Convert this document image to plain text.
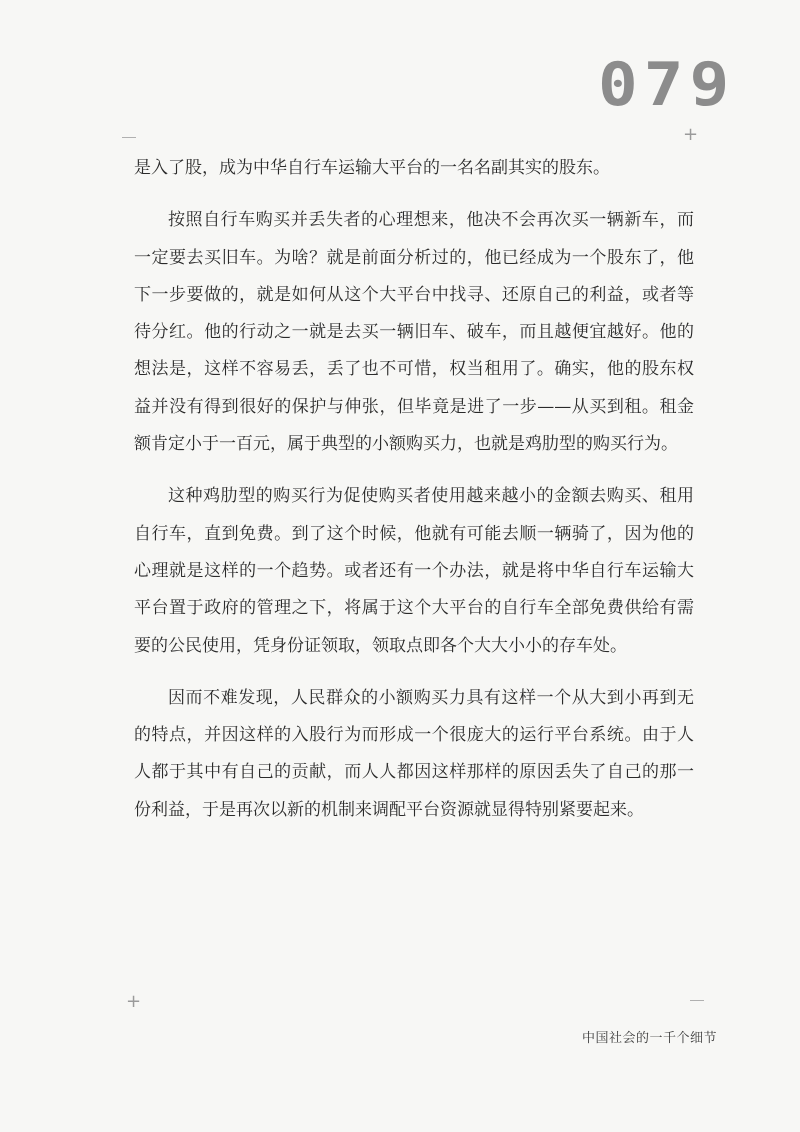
079
+
+

是入了股，成为中华自行车运输大平台的一名名副其实的股东。

按照自行车购买并丢失者的心理想来，他决不会再次买一辆新车，而一定要去买旧车。为啥？就是前面分析过的，他已经成为一个股东了，他下一步要做的，就是如何从这个大平台中找寻、还原自己的利益，或者等待分红。他的行动之一就是去买一辆旧车、破车，而且越便宜越好。他的想法是，这样不容易丢，丢了也不可惜，权当租用了。确实，他的股东权益并没有得到很好的保护与伸张，但毕竟是进了一步——从买到租。租金额肯定小于一百元，属于典型的小额购买力，也就是鸡肋型的购买行为。

这种鸡肋型的购买行为促使购买者使用越来越小的金额去购买、租用自行车，直到免费。到了这个时候，他就有可能去顺一辆骑了，因为他的心理就是这样的一个趋势。或者还有一个办法，就是将中华自行车运输大平台置于政府的管理之下，将属于这个大平台的自行车全部免费供给有需要的公民使用，凭身份证领取，领取点即各个大大小小的存车处。

因而不难发现，人民群众的小额购买力具有这样一个从大到小再到无的特点，并因这样的入股行为而形成一个很庞大的运行平台系统。由于人人都于其中有自己的贡献，而人人都因这样那样的原因丢失了自己的那一份利益，于是再次以新的机制来调配平台资源就显得特别紧要起来。

中国社会的一千个细节
